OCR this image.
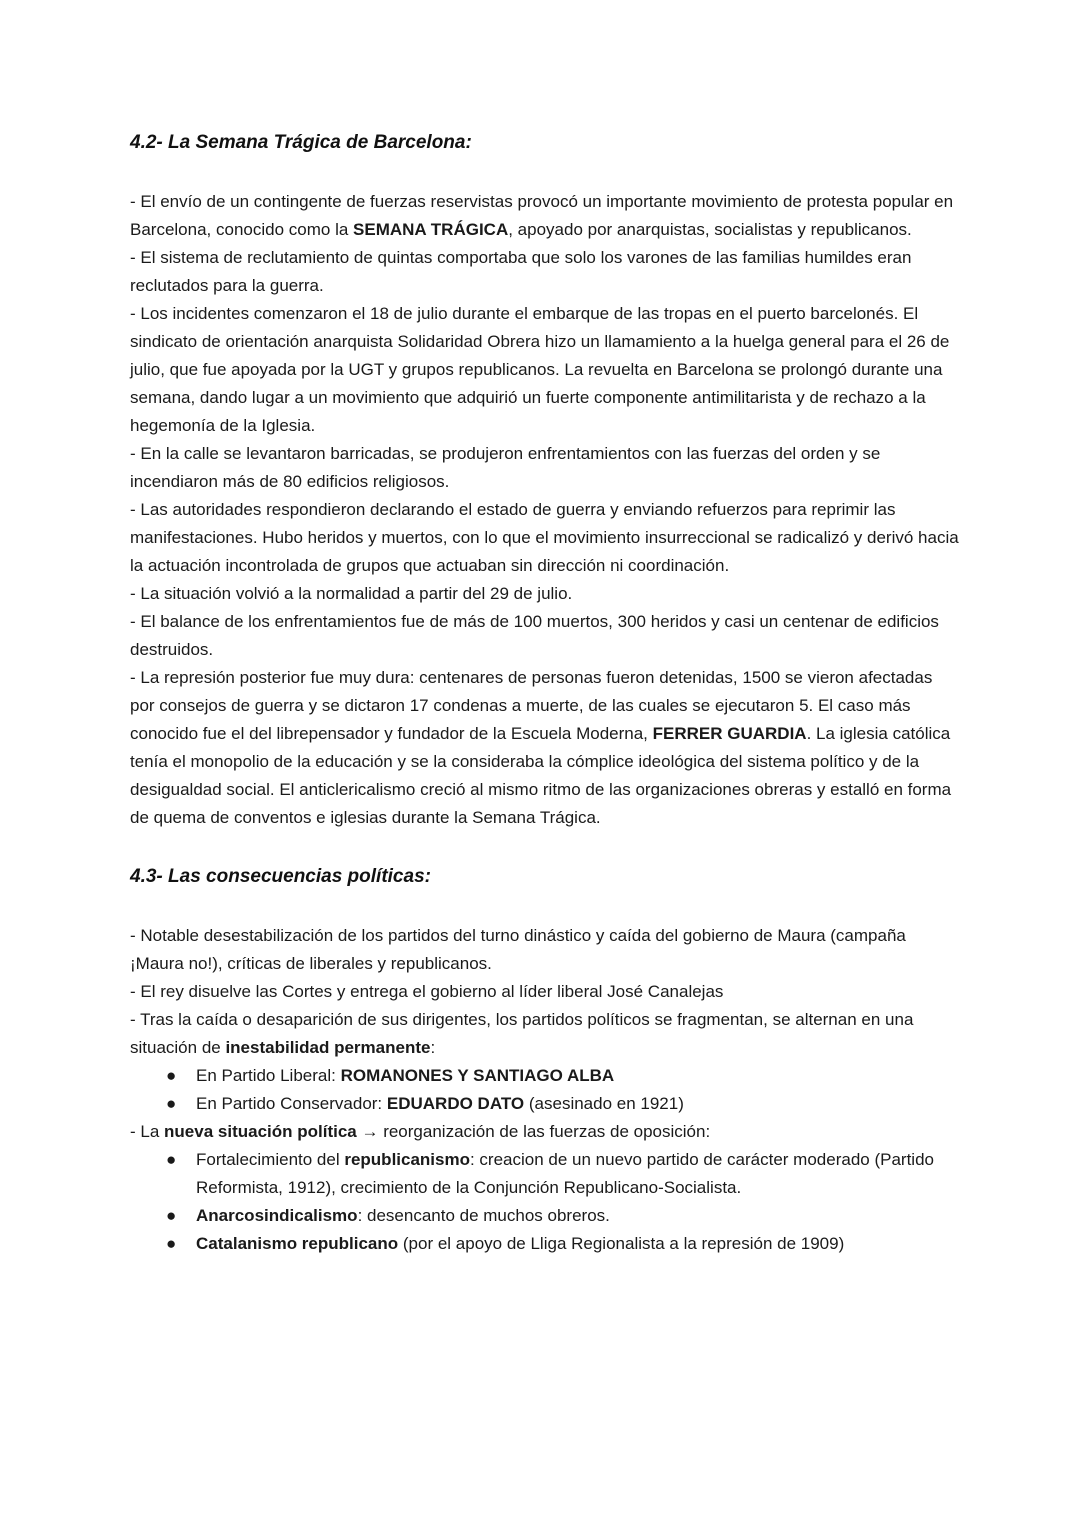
4.2- La Semana Trágica de Barcelona:

- El envío de un contingente de fuerzas reservistas provocó un importante movimiento de protesta popular en Barcelona, conocido como la SEMANA TRÁGICA, apoyado por anarquistas, socialistas y republicanos.

- El sistema de reclutamiento de quintas comportaba que solo los varones de las familias humildes eran reclutados para la guerra.

- Los incidentes comenzaron el 18 de julio durante el embarque de las tropas en el puerto barcelonés. El sindicato de orientación anarquista Solidaridad Obrera hizo un llamamiento a la huelga general para el 26 de julio, que fue apoyada por la UGT y grupos republicanos. La revuelta en Barcelona se prolongó durante una semana, dando lugar a un movimiento que adquirió un fuerte componente antimilitarista y de rechazo a la hegemonía de la Iglesia.

- En la calle se levantaron barricadas, se produjeron enfrentamientos con las fuerzas del orden y se incendiaron más de 80 edificios religiosos.

- Las autoridades respondieron declarando el estado de guerra y enviando refuerzos para reprimir las manifestaciones. Hubo heridos y muertos, con lo que el movimiento insurreccional se radicalizó y derivó hacia la actuación incontrolada de grupos que actuaban sin dirección ni coordinación.

- La situación volvió a la normalidad a partir del 29 de julio.

- El balance de los enfrentamientos fue de más de 100 muertos, 300 heridos y casi un centenar de edificios destruidos.

- La represión posterior fue muy dura: centenares de personas fueron detenidas, 1500 se vieron afectadas por consejos de guerra y se dictaron 17 condenas a muerte, de las cuales se ejecutaron 5. El caso más conocido fue el del librepensador y fundador de la Escuela Moderna, FERRER GUARDIA. La iglesia católica tenía el monopolio de la educación y se la consideraba la cómplice ideológica del sistema político y de la desigualdad social. El anticlericalismo creció al mismo ritmo de las organizaciones obreras y estalló en forma de quema de conventos e iglesias durante la Semana Trágica.

4.3- Las consecuencias políticas:

- Notable desestabilización de los partidos del turno dinástico y caída del gobierno de Maura (campaña ¡Maura no!), críticas de liberales y republicanos.

- El rey disuelve las Cortes y entrega el gobierno al líder liberal José Canalejas

- Tras la caída o desaparición de sus dirigentes, los partidos políticos se fragmentan, se alternan en una situación de inestabilidad permanente:

● En Partido Liberal: ROMANONES Y SANTIAGO ALBA
● En Partido Conservador: EDUARDO DATO (asesinado en 1921)

- La nueva situación política → reorganización de las fuerzas de oposición:

● Fortalecimiento del republicanismo: creacion de un nuevo partido de carácter moderado (Partido Reformista, 1912), crecimiento de la Conjunción Republicano-Socialista.
● Anarcosindicalismo: desencanto de muchos obreros.
● Catalanismo republicano (por el apoyo de Lliga Regionalista a la represión de 1909)
